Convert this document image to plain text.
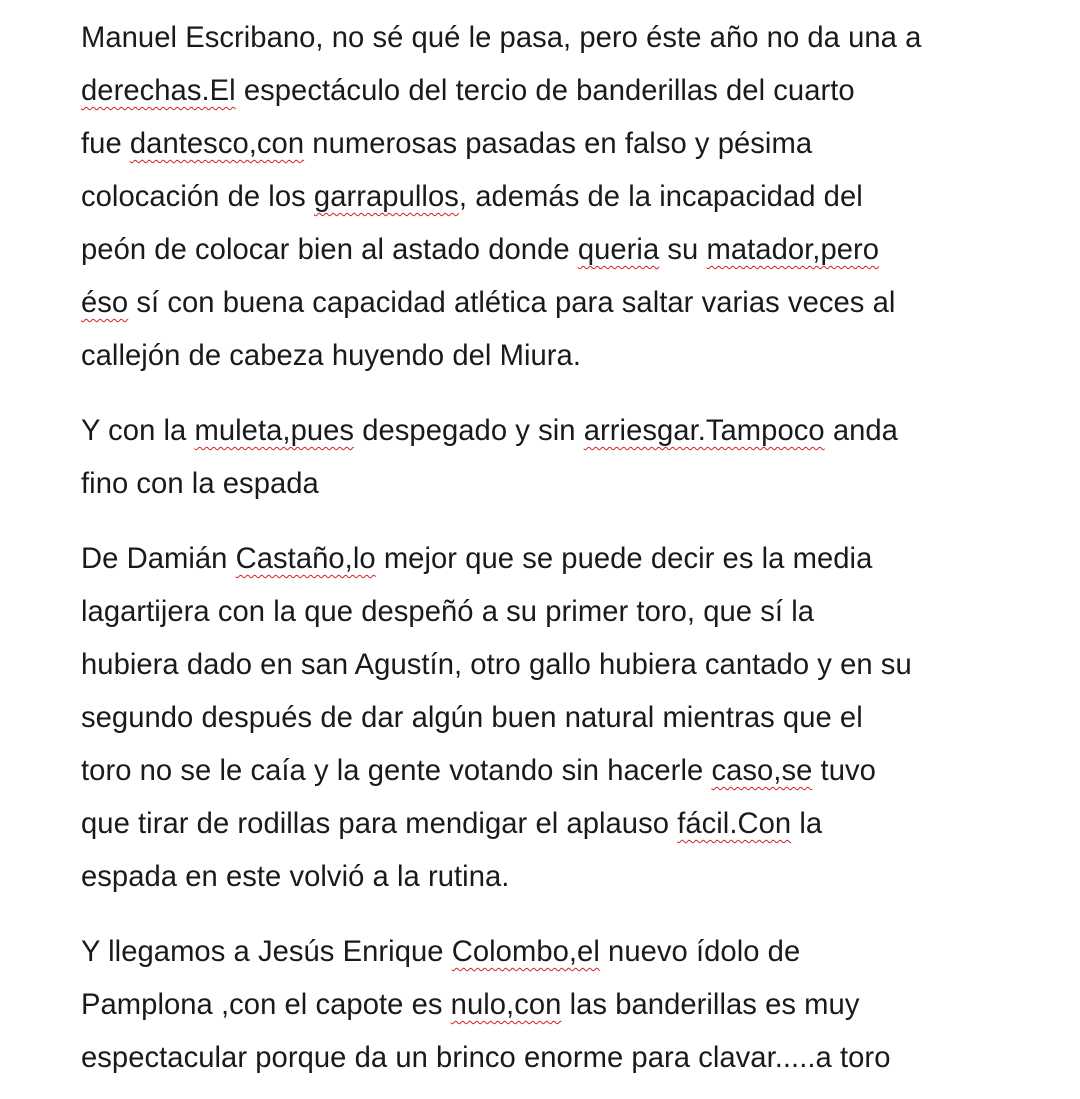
Manuel Escribano, no sé qué le pasa, pero éste año no da una a
derechas.El espectáculo del tercio de banderillas del cuarto
fue dantesco,con numerosas pasadas en falso y pésima
colocación de los garrapullos, además de la incapacidad del
peón de colocar bien al astado donde queria su matador,pero
éso sí con buena capacidad atlética para saltar varias veces al
callejón de cabeza huyendo del Miura.

Y con la muleta,pues despegado y sin arriesgar.Tampoco anda
fino con la espada

De Damián Castaño,lo mejor que se puede decir es la media
lagartijera con la que despeñó a su primer toro, que sí la
hubiera dado en san Agustín, otro gallo hubiera cantado y en su
segundo después de dar algún buen natural mientras que el
toro no se le caía y la gente votando sin hacerle caso,se tuvo
que tirar de rodillas para mendigar el aplauso fácil.Con la
espada en este volvió a la rutina.

Y llegamos a Jesús Enrique Colombo,el nuevo ídolo de
Pamplona ,con el capote es nulo,con las banderillas es muy
espectacular porque da un brinco enorme para clavar.....a toro
